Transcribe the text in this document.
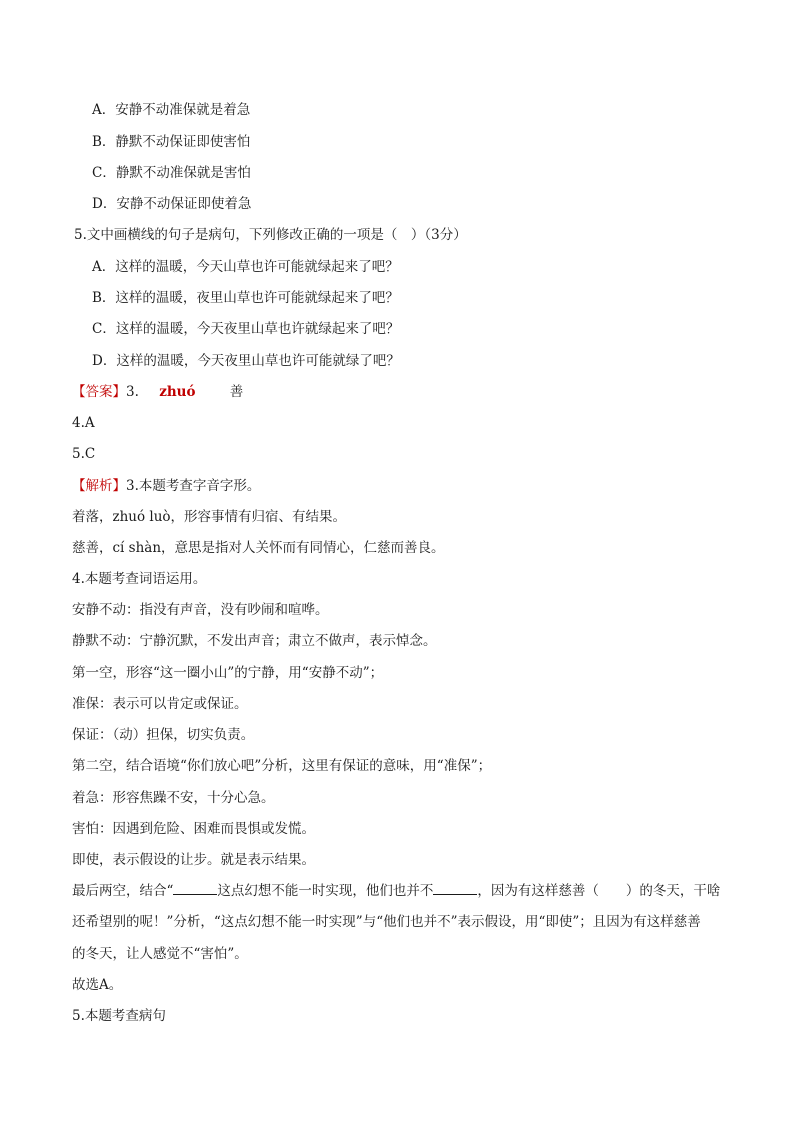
A．安静不动准保就是着急
B．静默不动保证即使害怕
C．静默不动准保就是害怕
D．安静不动保证即使着急
5.文中画横线的句子是病句，下列修改正确的一项是（　）（3分）
A．这样的温暖，今天山草也许可能就绿起来了吧？
B．这样的温暖，夜里山草也许可能就绿起来了吧？
C．这样的温暖，今天夜里山草也许就绿起来了吧？
D．这样的温暖，今天夜里山草也许可能就绿了吧？
【答案】3. zhuó	善
4.A
5.C
【解析】3.本题考查字音字形。
着落，zhuó luò，形容事情有归宿、有结果。
慈善，cí shàn，意思是指对人关怀而有同情心，仁慈而善良。
4.本题考查词语运用。
安静不动：指没有声音，没有吵闹和喧哗。
静默不动：宁静沉默，不发出声音；肃立不做声，表示悼念。
第一空，形容“这一圈小山”的宁静，用“安静不动”；
准保：表示可以肯定或保证。
保证：（动）担保，切实负责。
第二空，结合语境“你们放心吧”分析，这里有保证的意味，用“准保”；
着急：形容焦躁不安，十分心急。
害怕：因遇到危险、困难而畏惧或发慌。
即使，表示假设的让步。就是表示结果。
最后两空，结合“	这点幻想不能一时实现，他们也并不	，因为有这样慈善（　　）的冬天，干啥
还希望别的呢！”分析，“这点幻想不能一时实现”与“他们也并不”表示假设，用“即使”；且因为有这样慈善
的冬天，让人感觉不“害怕”。
故选A。
5.本题考查病句
